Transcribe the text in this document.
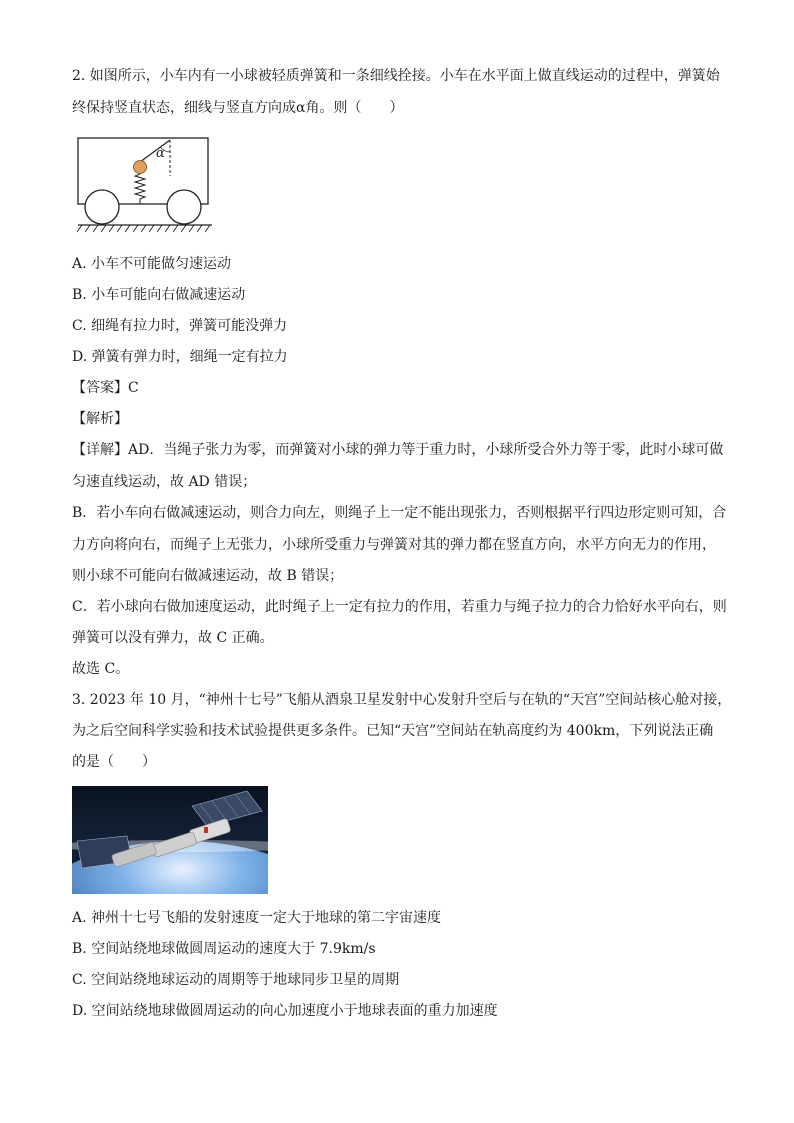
2. 如图所示，小车内有一小球被轻质弹簧和一条细线拴接。小车在水平面上做直线运动的过程中，弹簧始
终保持竖直状态，细线与竖直方向成α角。则（　　）
α
A. 小车不可能做匀速运动
B. 小车可能向右做减速运动
C. 细绳有拉力时，弹簧可能没弹力
D. 弹簧有弹力时，细绳一定有拉力
【答案】C
【解析】
【详解】AD．当绳子张力为零，而弹簧对小球的弹力等于重力时，小球所受合外力等于零，此时小球可做
匀速直线运动，故 AD 错误；
B．若小车向右做减速运动，则合力向左，则绳子上一定不能出现张力，否则根据平行四边形定则可知，合
力方向将向右，而绳子上无张力，小球所受重力与弹簧对其的弹力都在竖直方向，水平方向无力的作用，
则小球不可能向右做减速运动，故 B 错误；
C．若小球向右做加速度运动，此时绳子上一定有拉力的作用，若重力与绳子拉力的合力恰好水平向右，则
弹簧可以没有弹力，故 C 正确。
故选 C。
3. 2023 年 10 月，“神州十七号”飞船从酒泉卫星发射中心发射升空后与在轨的“天宫”空间站核心舱对接，
为之后空间科学实验和技术试验提供更多条件。已知“天宫”空间站在轨高度约为 400km，下列说法正确
的是（　　）
A. 神州十七号飞船的发射速度一定大于地球的第二宇宙速度
B. 空间站绕地球做圆周运动的速度大于 7.9km/s
C. 空间站绕地球运动的周期等于地球同步卫星的周期
D. 空间站绕地球做圆周运动的向心加速度小于地球表面的重力加速度
